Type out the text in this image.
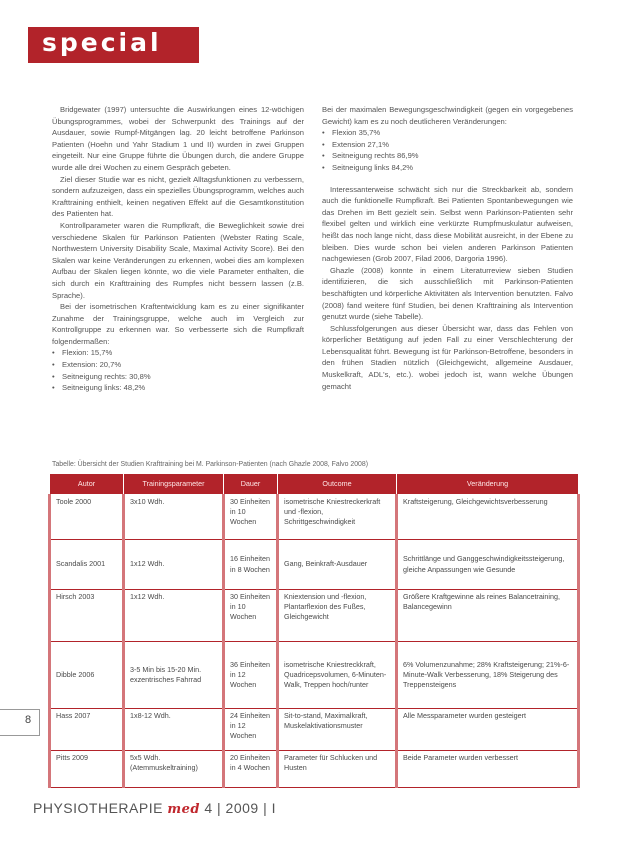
special

Bridgewater (1997) untersuchte die Auswirkungen eines 12-wöchigen Übungsprogrammes, wobei der Schwerpunkt des Trainings auf der Ausdauer, sowie Rumpf-Mitgängen lag. 20 leicht betroffene Parkinson Patienten (Hoehn und Yahr Stadium 1 und II) wurden in zwei Gruppen eingeteilt. Nur eine Gruppe führte die Übungen durch, die andere Gruppe wurde alle drei Wochen zu einem Gespräch gebeten.

Ziel dieser Studie war es nicht, gezielt Alltagsfunktionen zu verbessern, sondern aufzuzeigen, dass ein spezielles Übungsprogramm, welches auch Krafttraining enthielt, keinen negativen Effekt auf die Gesamtkonstitution des Patienten hat.

Kontrollparameter waren die Rumpfkraft, die Beweglichkeit sowie drei verschiedene Skalen für Parkinson Patienten (Webster Rating Scale, Northwestern University Disability Scale, Maximal Activity Score). Bei den Skalen war keine Veränderungen zu erkennen, wobei dies am komplexen Aufbau der Skalen liegen könnte, wo die viele Parameter enthalten, die sich durch ein Krafttraining des Rumpfes nicht bessern lassen (z.B. Sprache).

Bei der isometrischen Kraftentwicklung kam es zu einer signifikanter Zunahme der Trainingsgruppe, welche auch im Vergleich zur Kontrollgruppe zu erkennen war. So verbesserte sich die Rumpfkraft folgendermaßen:

• Flexion: 15,7%
• Extension: 20,7%
• Seitneigung rechts: 30,8%
• Seitneigung links: 48,2%

Bei der maximalen Bewegungsgeschwindigkeit (gegen ein vorgegebenes Gewicht) kam es zu noch deutlicheren Veränderungen:

• Flexion 35,7%
• Extension 27,1%
• Seitneigung rechts 86,9%
• Seitneigung links 84,2%

Interessanterweise schwächt sich nur die Streckbarkeit ab, sondern auch die funktionelle Rumpfkraft. Bei Patienten Spontanbewegungen wie das Drehen im Bett gezielt sein. Selbst wenn Parkinson-Patienten sehr flexibel gelten und wirklich eine verkürzte Rumpfmuskulatur aufweisen, heißt das noch lange nicht, dass diese Mobilität ausreicht, in der Ebene zu bleiben. Dies wurde schon bei vielen anderen Parkinson Patienten nachgewiesen (Grob 2007, Filad 2006, Dargoria 1996).

Ghazle (2008) konnte in einem Literaturreview sieben Studien identifizieren, die sich ausschließlich mit Parkinson-Patienten beschäftigten und körperliche Aktivitäten als Intervention benutzten. Falvo (2008) fand weitere fünf Studien, bei denen Krafttraining als Intervention genutzt wurde (siehe Tabelle).

Schlussfolgerungen aus dieser Übersicht war, dass das Fehlen von körperlicher Betätigung auf jeden Fall zu einer Verschlechterung der Lebensqualität führt. Bewegung ist für Parkinson-Betroffene, besonders in den frühen Stadien nützlich (Gleichgewicht, allgemeine Ausdauer, Muskelkraft, ADL's, etc.). wobei jedoch ist, wann welche Übungen gemacht

Tabelle: Übersicht der Studien Krafttraining bei M. Parkinson-Patienten (nach Ghazle 2008, Falvo 2008)
Autor	Trainingsparameter	Dauer	Outcome	Veränderung
Toole 2000	3x10 Wdh.	30 Einheiten in 10 Wochen	isometrische Kniestreckerkraft und -flexion, Schrittgeschwindigkeit	Kraftsteigerung, Gleichgewichtsverbesserung
Scandalis 2001	1x12 Wdh.	16 Einheiten in 8 Wochen	Gang, Beinkraft-Ausdauer	Schrittlänge und Ganggeschwindigkeitssteigerung, gleiche Anpassungen wie Gesunde
Hirsch 2003	1x12 Wdh.	30 Einheiten in 10 Wochen	Kniextension und -flexion, Plantarflexion des Fußes, Gleichgewicht	Größere Kraftgewinne als reines Balancetraining, Balancegewinn
Dibble 2006	3-5 Min bis 15-20 Min. exzentrisches Fahrrad	36 Einheiten in 12 Wochen	isometrische Kniestreckkraft, Quadricepsvolumen, 6-Minuten-Walk, Treppen hoch/runter	6% Volumenzunahme; 28% Kraftsteigerung; 21%-6-Minute-Walk Verbesserung, 18% Steigerung des Treppensteigens
Hass 2007	1x8-12 Wdh.	24 Einheiten in 12 Wochen	Sit-to-stand, Maximalkraft, Muskelaktivationsmuster	Alle Messparameter wurden gesteigert
Pitts 2009	5x5 Wdh. (Atemmuskeltraining)	20 Einheiten in 4 Wochen	Parameter für Schlucken und Husten	Beide Parameter wurden verbessert
8
PHYSIOTHERAPIE med 4 | 2009 | I
